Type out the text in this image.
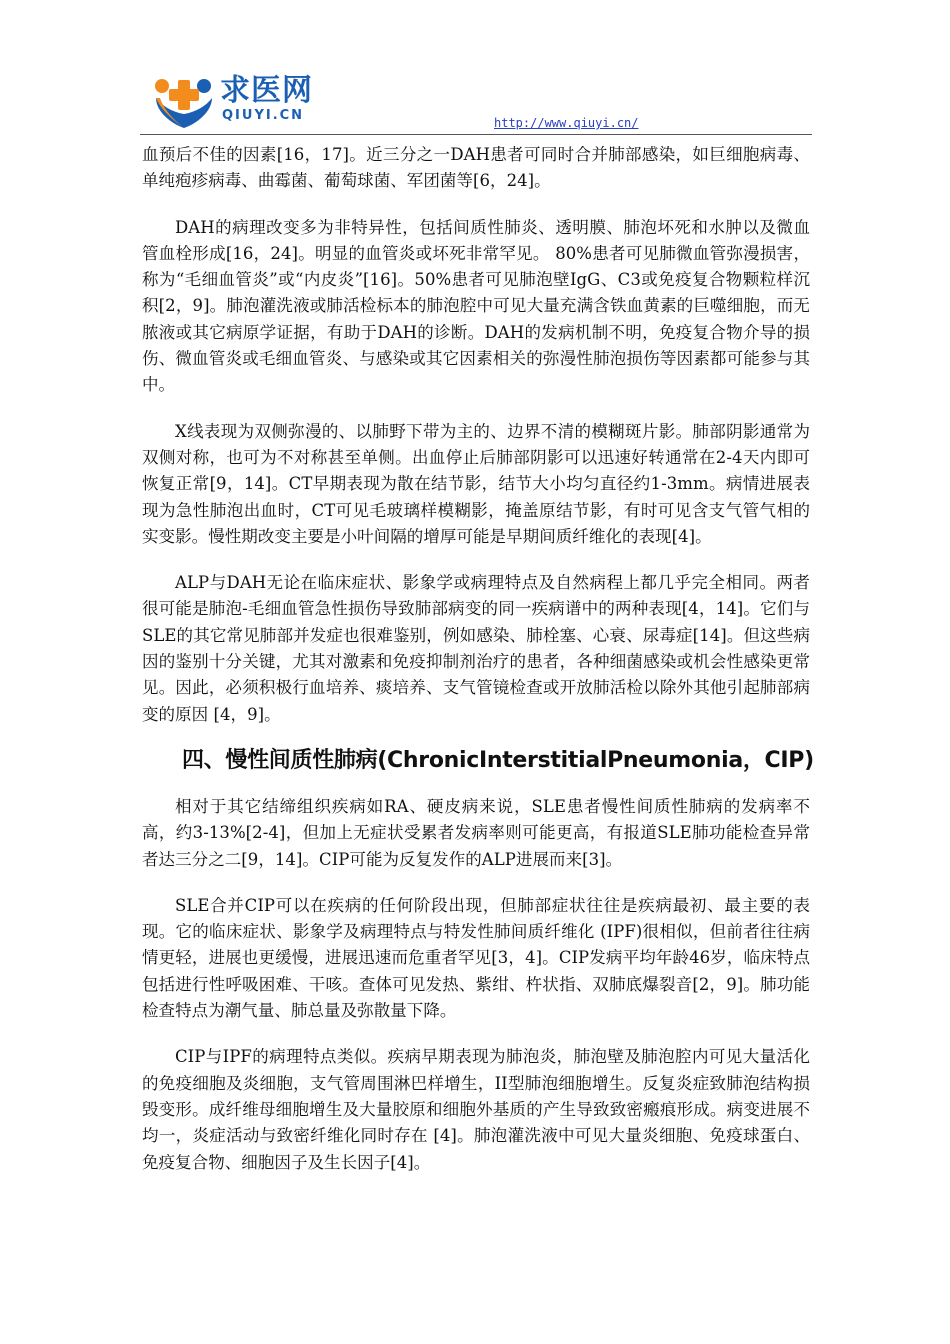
求医网
QIUYI.CN	http://www.qiuyi.cn/

血预后不佳的因素[16，17]。近三分之一DAH患者可同时合并肺部感染，如巨细胞病毒、单纯疱疹病毒、曲霉菌、葡萄球菌、军团菌等[6，24]。

DAH的病理改变多为非特异性，包括间质性肺炎、透明膜、肺泡坏死和水肿以及微血管血栓形成[16，24]。明显的血管炎或坏死非常罕见。 80%患者可见肺微血管弥漫损害，称为“毛细血管炎”或“内皮炎”[16]。50%患者可见肺泡壁IgG、C3或免疫复合物颗粒样沉积[2，9]。肺泡灌洗液或肺活检标本的肺泡腔中可见大量充满含铁血黄素的巨噬细胞，而无脓液或其它病原学证据，有助于DAH的诊断。DAH的发病机制不明，免疫复合物介导的损伤、微血管炎或毛细血管炎、与感染或其它因素相关的弥漫性肺泡损伤等因素都可能参与其中。

X线表现为双侧弥漫的、以肺野下带为主的、边界不清的模糊斑片影。肺部阴影通常为双侧对称，也可为不对称甚至单侧。出血停止后肺部阴影可以迅速好转通常在2-4天内即可恢复正常[9，14]。CT早期表现为散在结节影，结节大小均匀直径约1-3mm。病情进展表现为急性肺泡出血时，CT可见毛玻璃样模糊影，掩盖原结节影，有时可见含支气管气相的实变影。慢性期改变主要是小叶间隔的增厚可能是早期间质纤维化的表现[4]。

ALP与DAH无论在临床症状、影象学或病理特点及自然病程上都几乎完全相同。两者很可能是肺泡-毛细血管急性损伤导致肺部病变的同一疾病谱中的两种表现[4，14]。它们与SLE的其它常见肺部并发症也很难鉴别，例如感染、肺栓塞、心衰、尿毒症[14]。但这些病因的鉴别十分关键，尤其对激素和免疫抑制剂治疗的患者，各种细菌感染或机会性感染更常见。因此，必须积极行血培养、痰培养、支气管镜检查或开放肺活检以除外其他引起肺部病变的原因 [4，9]。

四、慢性间质性肺病(ChronicInterstitialPneumonia，CIP)

相对于其它结缔组织疾病如RA、硬皮病来说，SLE患者慢性间质性肺病的发病率不高，约3-13%[2-4]，但加上无症状受累者发病率则可能更高，有报道SLE肺功能检查异常者达三分之二[9，14]。CIP可能为反复发作的ALP进展而来[3]。

SLE合并CIP可以在疾病的任何阶段出现，但肺部症状往往是疾病最初、最主要的表现。它的临床症状、影象学及病理特点与特发性肺间质纤维化 (IPF)很相似，但前者往往病情更轻，进展也更缓慢，进展迅速而危重者罕见[3，4]。CIP发病平均年龄46岁，临床特点包括进行性呼吸困难、干咳。查体可见发热、紫绀、杵状指、双肺底爆裂音[2，9]。肺功能检查特点为潮气量、肺总量及弥散量下降。

CIP与IPF的病理特点类似。疾病早期表现为肺泡炎，肺泡壁及肺泡腔内可见大量活化的免疫细胞及炎细胞，支气管周围淋巴样增生，II型肺泡细胞增生。反复炎症致肺泡结构损毁变形。成纤维母细胞增生及大量胶原和细胞外基质的产生导致致密瘢痕形成。病变进展不均一，炎症活动与致密纤维化同时存在 [4]。肺泡灌洗液中可见大量炎细胞、免疫球蛋白、免疫复合物、细胞因子及生长因子[4]。
